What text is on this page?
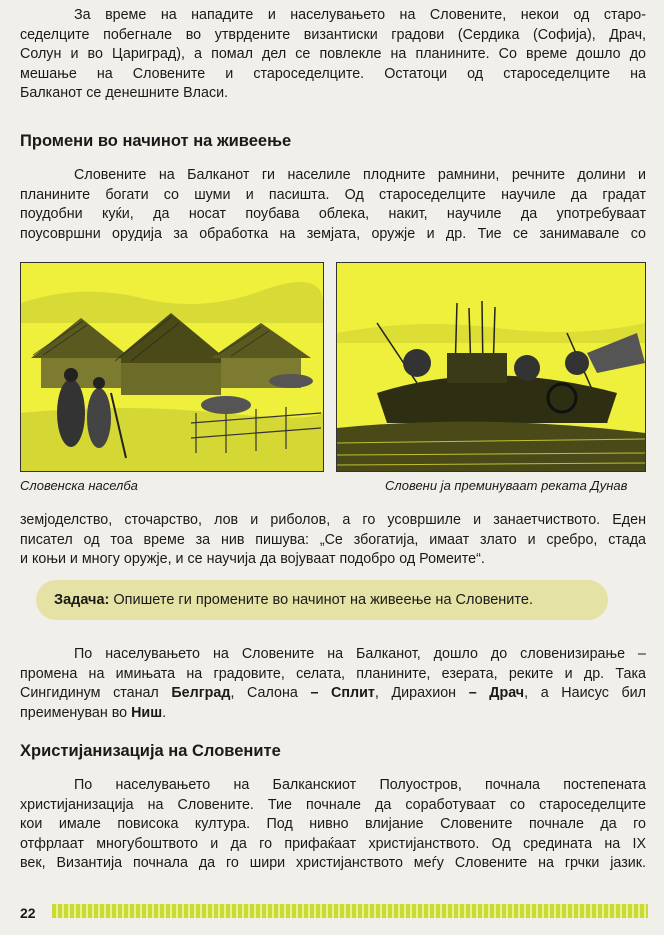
За време на нападите и населувањето на Словените, некои од старо-
седелците побегнале во утврдените византиски градови (Сердика (Софија), Драч,
Солун и во Цариград), а помал дел се повлекле на планините. Со време дошло до
мешање на Словените и староседелците. Остатоци од староседелците на
Балканот се денешните Власи.
Промени во начинот на живеење
Словените на Балканот ги населиле плодните рамнини, речните долини и
планините богати со шуми и пасишта. Од староседелците научиле да градат
поудобни куќи, да носат поубава облека, накит, научиле да употребуваат
поусовршни орудија за обработка на земјата, оружје и др. Тие се занимавале со
Словенска населба	Словени ја преминуваат реката Дунав
земјоделство, сточарство, лов и риболов, а го усовршиле и занаетчиството. Еден
писател од тоа време за нив пишува: „Се збогатија, имаат злато и сребро, стада
и коњи и многу оружје, и се научија да војуваат подобро од Ромеите“.
Задача: Опишете ги промените во начинот на живеење на Словените.
По населувањето на Словените на Балканот, дошло до словенизирање –
промена на имињата на градовите, селата, планините, езерата, реките и др. Така
Сингидинум станал Белград, Салона – Сплит, Дирахион – Драч, а Наисус бил
преименуван во Ниш.
Христијанизација на Словените
По населувањето на Балканскиот Полуостров, почнала постепената
христијанизација на Словените. Тие почнале да соработуваат со староседелците
кои имале повисока култура. Под нивно влијание Словените почнале да го
отфрлаат многубоштвото и да го прифаќаат христијанството. Од средината на IX
век, Византија почнала да го шири христијанството меѓу Словените на грчки јазик.
22
